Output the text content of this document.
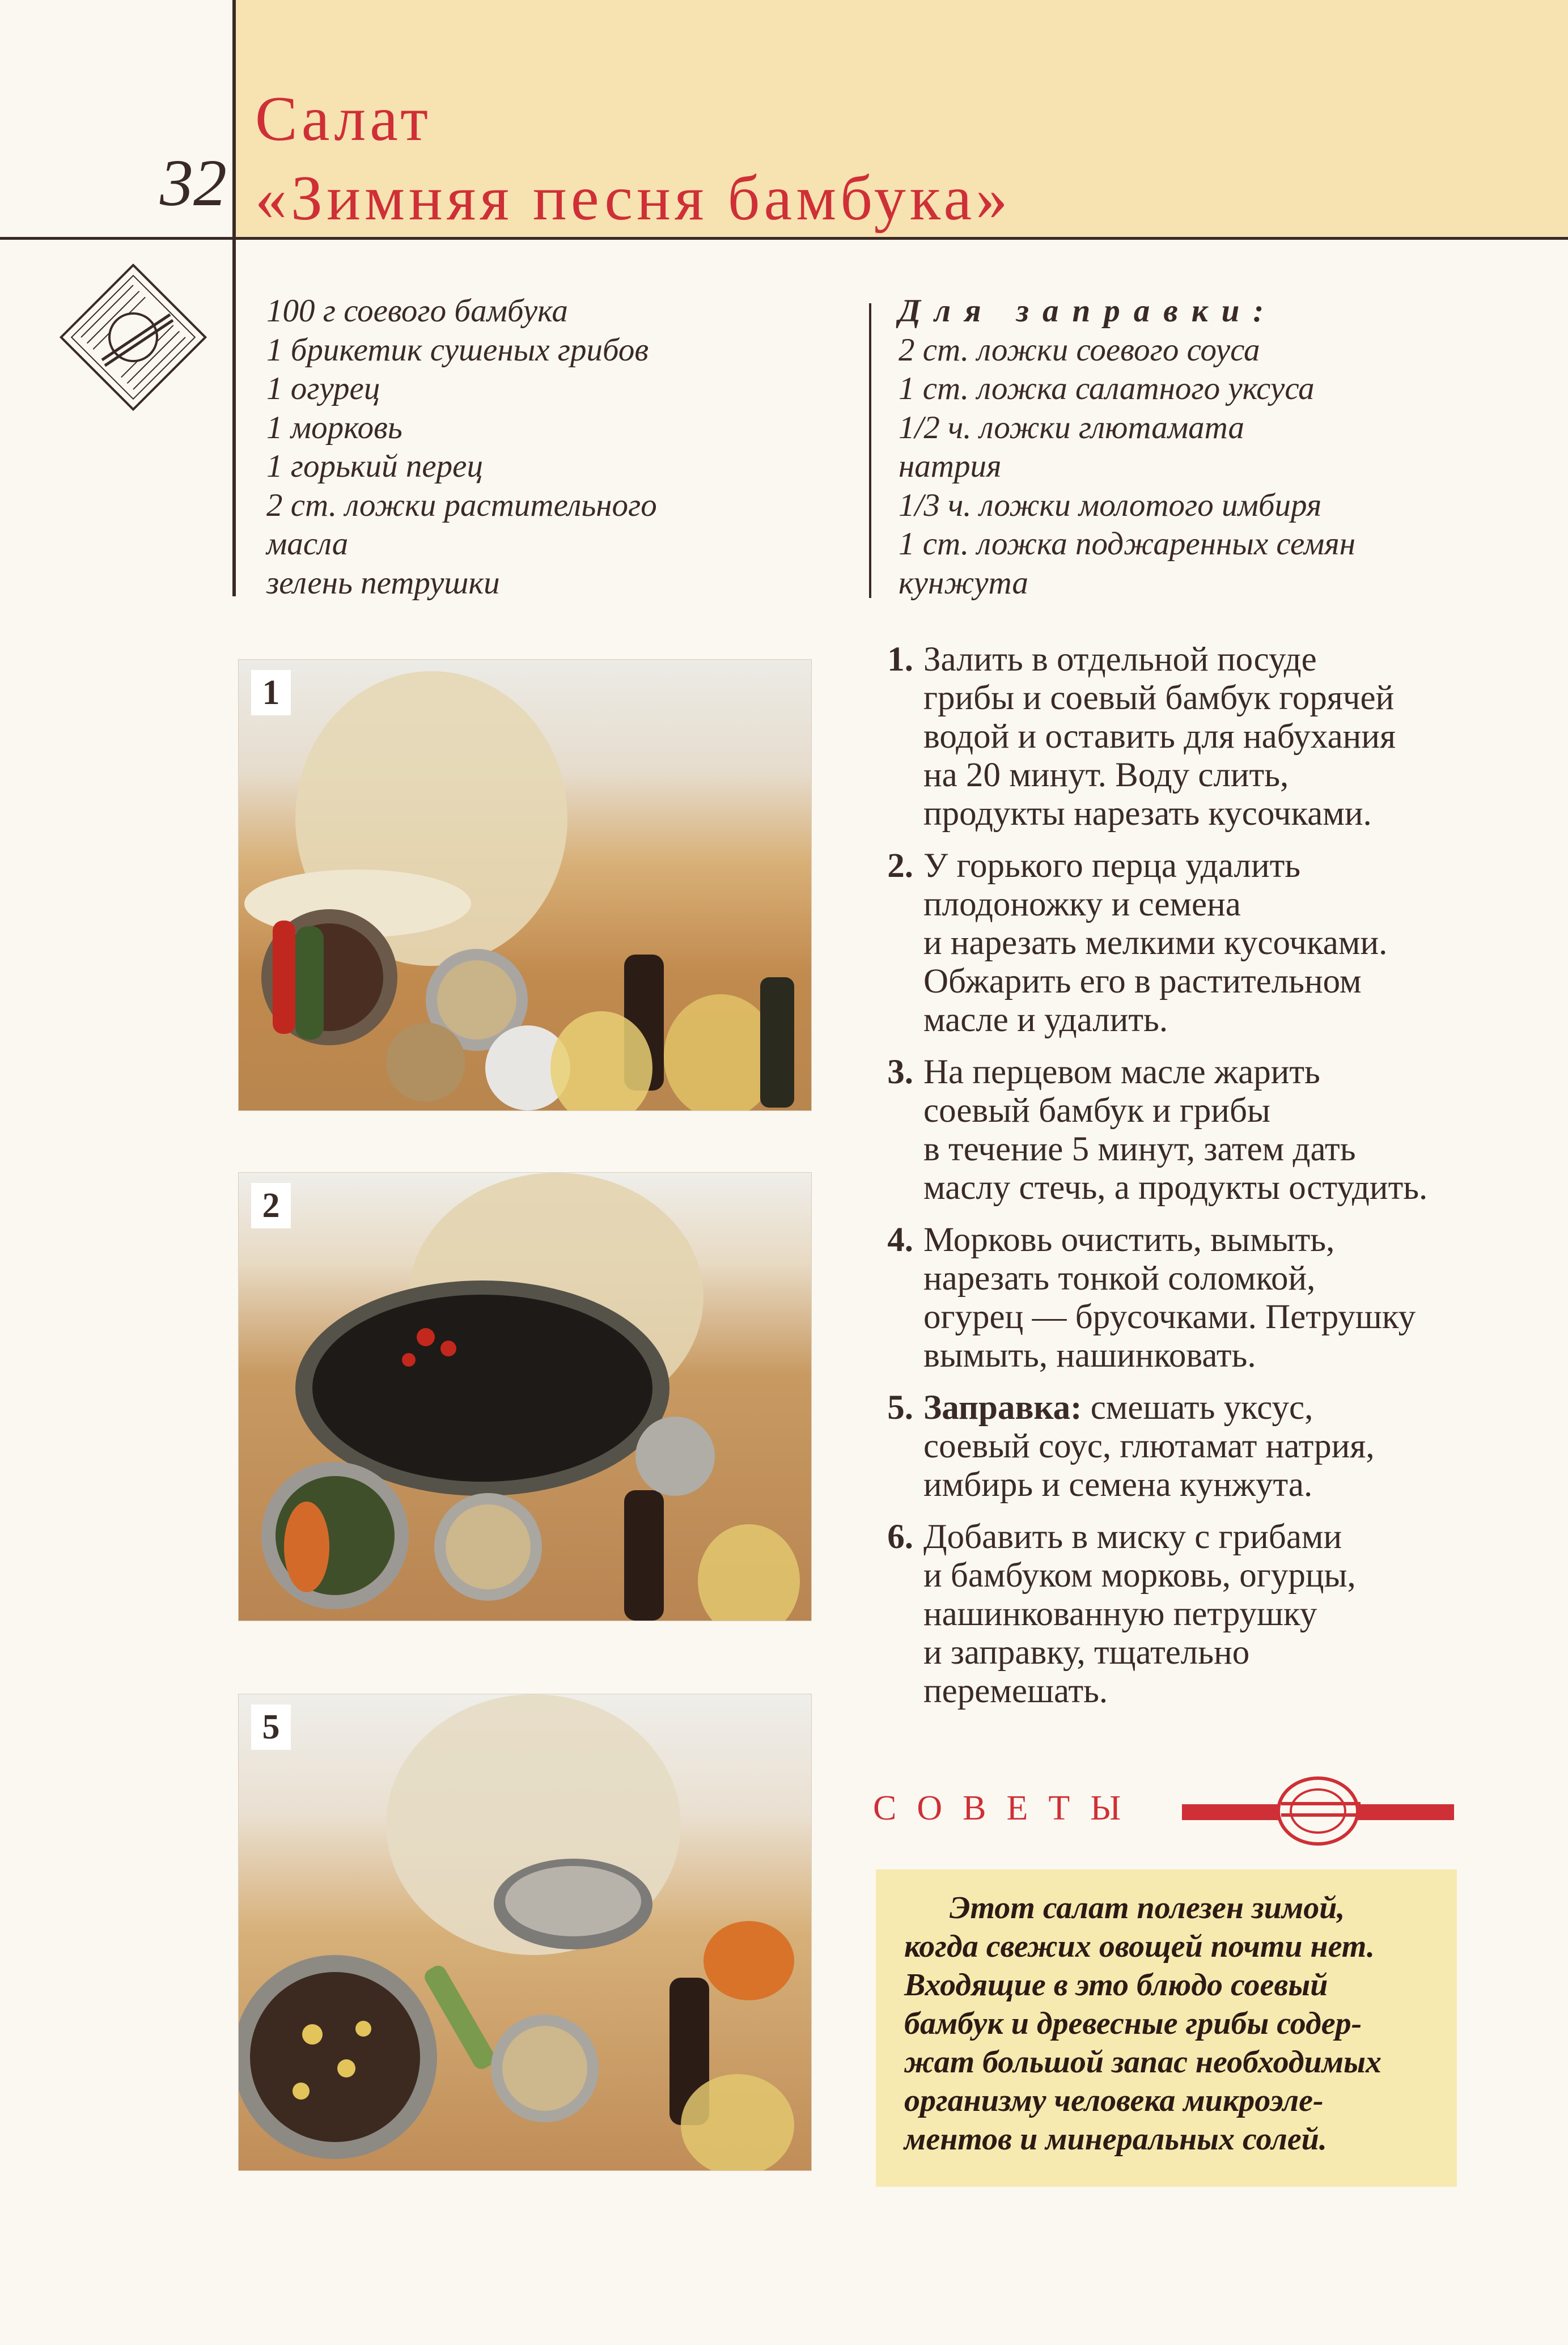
32
Салат
«Зимняя песня бамбука»
100 г соевого бамбука
1 брикетик сушеных грибов
1 огурец
1 морковь
1 горький перец
2 ст. ложки растительного
масла
зелень петрушки
Для заправки:
2 ст. ложки соевого соуса
1 ст. ложка салатного уксуса
1/2 ч. ложки глютамата
натрия
1/3 ч. ложки молотого имбиря
1 ст. ложка поджаренных семян
кунжута
1
2
5
1. Залить в отдельной посуде
грибы и соевый бамбук горячей
водой и оставить для набухания
на 20 минут. Воду слить,
продукты нарезать кусочками.
2. У горького перца удалить
плодоножку и семена
и нарезать мелкими кусочками.
Обжарить его в растительном
масле и удалить.
3. На перцевом масле жарить
соевый бамбук и грибы
в течение 5 минут, затем дать
маслу стечь, а продукты остудить.
4. Морковь очистить, вымыть,
нарезать тонкой соломкой,
огурец — брусочками. Петрушку
вымыть, нашинковать.
5. Заправка: смешать уксус,
соевый соус, глютамат натрия,
имбирь и семена кунжута.
6. Добавить в миску с грибами
и бамбуком морковь, огурцы,
нашинкованную петрушку
и заправку, тщательно
перемешать.
СОВЕТЫ
Этот салат полезен зимой,
когда свежих овощей почти нет.
Входящие в это блюдо соевый
бамбук и древесные грибы содер-
жат большой запас необходимых
организму человека микроэле-
ментов и минеральных солей.
